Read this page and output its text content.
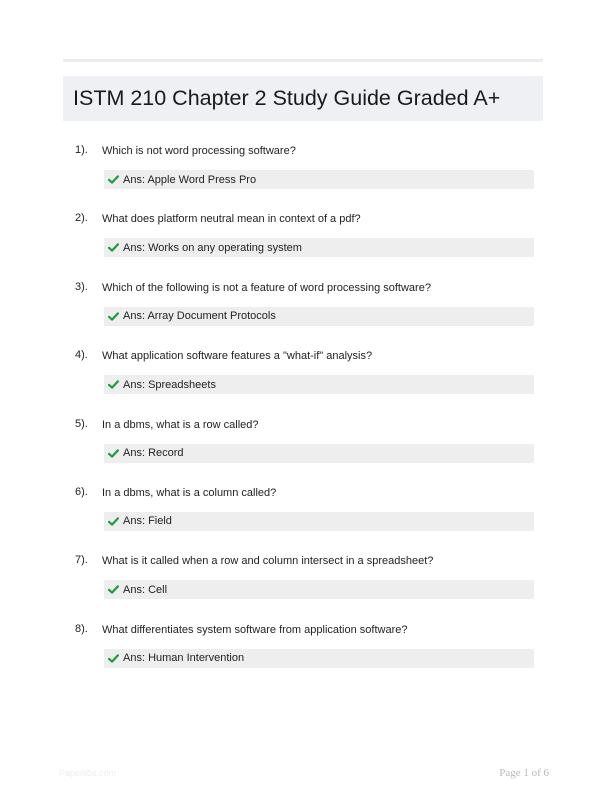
ISTM 210 Chapter 2 Study Guide Graded A+
1). Which is not word processing software?
Ans: Apple Word Press Pro
2). What does platform neutral mean in context of a pdf?
Ans: Works on any operating system
3). Which of the following is not a feature of word processing software?
Ans: Array Document Protocols
4). What application software features a "what-if" analysis?
Ans: Spreadsheets
5). In a dbms, what is a row called?
Ans: Record
6). In a dbms, what is a column called?
Ans: Field
7). What is it called when a row and column intersect in a spreadsheet?
Ans: Cell
8). What differentiates system software from application software?
Ans: Human Intervention
Paperlibs.com	Page 1 of 6
